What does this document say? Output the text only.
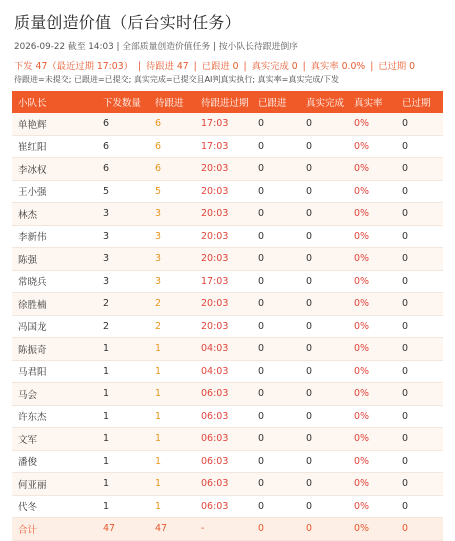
质量创造价值（后台实时任务）
2026-09-22 截至 14:03 | 全部质量创造价值任务 | 按小队长待跟进倒序
下发 47（最近过期 17:03） | 待跟进 47 | 已跟进 0 | 真实完成 0 | 真实率 0.0% | 已过期 0
待跟进=未提交; 已跟进=已提交; 真实完成=已提交且AI判真实执行; 真实率=真实完成/下发
小队长	下发数量	待跟进	待跟进过期	已跟进	真实完成	真实率	已过期
单艳辉	6	6	17:03	0	0	0%	0
崔红阳	6	6	17:03	0	0	0%	0
李冰权	6	6	20:03	0	0	0%	0
王小强	5	5	20:03	0	0	0%	0
林杰	3	3	20:03	0	0	0%	0
李新伟	3	3	20:03	0	0	0%	0
陈强	3	3	20:03	0	0	0%	0
常晓兵	3	3	17:03	0	0	0%	0
徐胜楠	2	2	20:03	0	0	0%	0
冯国龙	2	2	20:03	0	0	0%	0
陈振奇	1	1	04:03	0	0	0%	0
马君阳	1	1	04:03	0	0	0%	0
马会	1	1	06:03	0	0	0%	0
许东杰	1	1	06:03	0	0	0%	0
文军	1	1	06:03	0	0	0%	0
潘俊	1	1	06:03	0	0	0%	0
何亚丽	1	1	06:03	0	0	0%	0
代冬	1	1	06:03	0	0	0%	0
合计	47	47	-	0	0	0%	0
